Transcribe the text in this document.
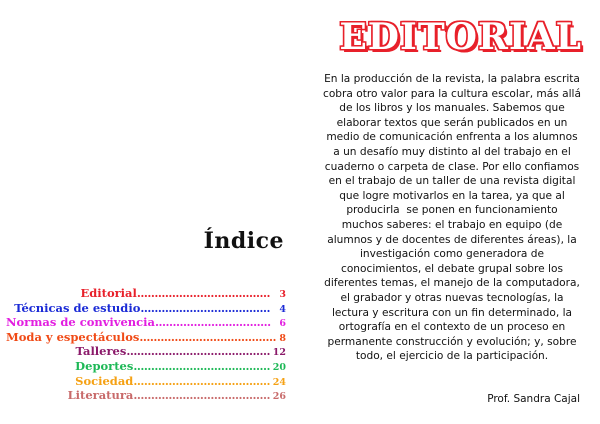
Índice
Editorial ...................................... 3
Técnicas de estudio ..................................... 4
Normas de convivencia ................................. 6
Moda y espectáculos ....................................... 8
Talleres ......................................... 12
Deportes ....................................... 20
Sociedad ....................................... 24
Literatura ....................................... 26
EDITORIAL
En la producción de la revista, la palabra escrita
cobra otro valor para la cultura escolar, más allá
de los libros y los manuales. Sabemos que
elaborar textos que serán publicados en un
medio de comunicación enfrenta a los alumnos
a un desafío muy distinto al del trabajo en el
cuaderno o carpeta de clase. Por ello confiamos
en el trabajo de un taller de una revista digital
que logre motivarlos en la tarea, ya que al
producirla  se ponen en funcionamiento
muchos saberes: el trabajo en equipo (de
alumnos y de docentes de diferentes áreas), la
investigación como generadora de
conocimientos, el debate grupal sobre los
diferentes temas, el manejo de la computadora,
el grabador y otras nuevas tecnologías, la
lectura y escritura con un fin determinado, la
ortografía en el contexto de un proceso en
permanente construcción y evolución; y, sobre
todo, el ejercicio de la participación.
Prof. Sandra Cajal
